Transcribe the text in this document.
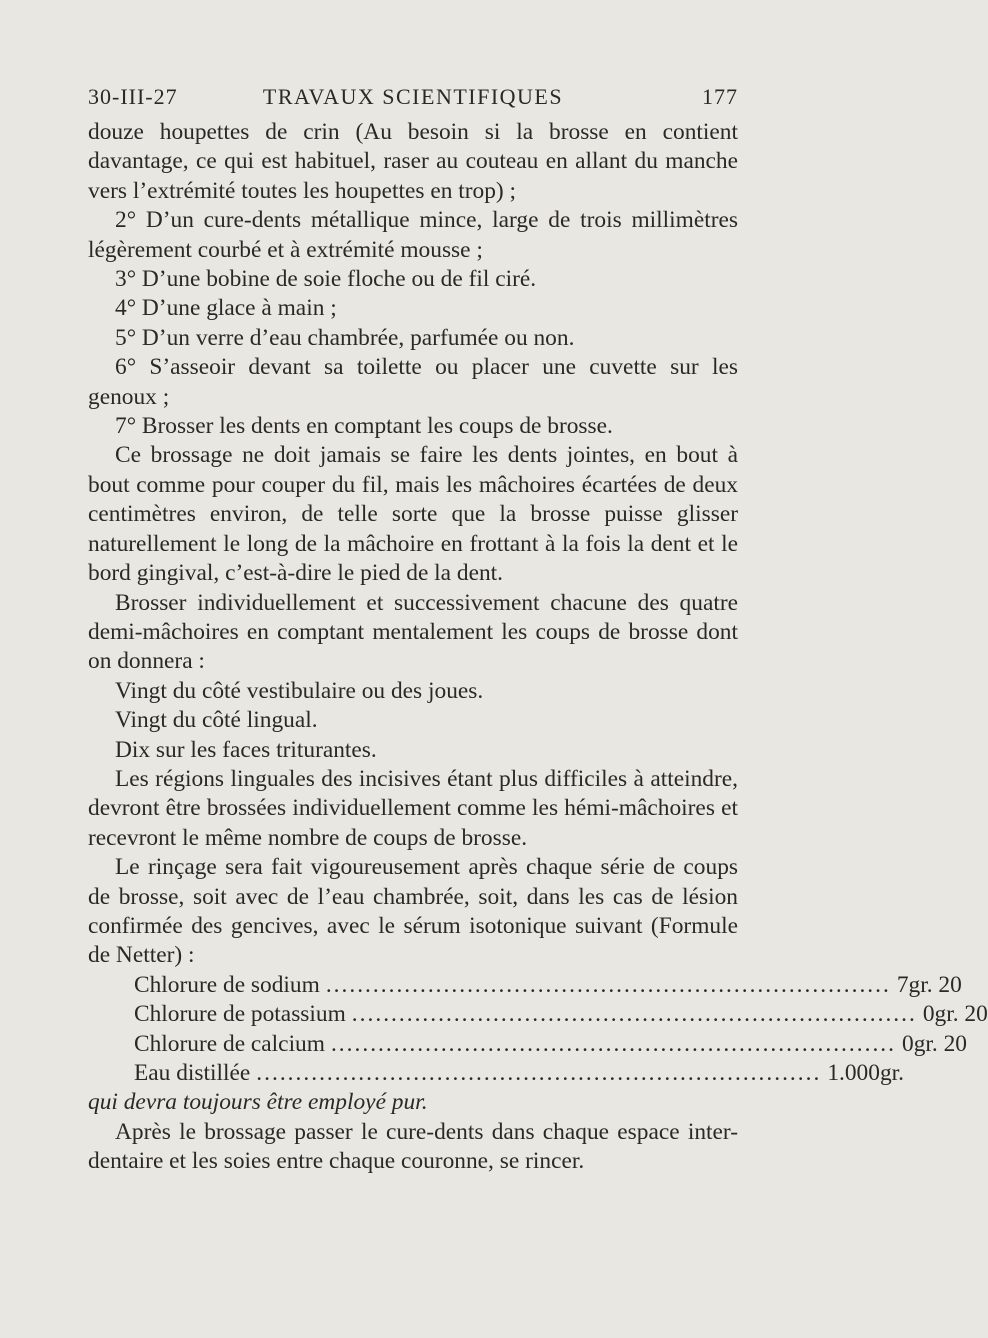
30-III-27	TRAVAUX SCIENTIFIQUES	177

douze houpettes de crin (Au besoin si la brosse en contient davantage, ce qui est habituel, raser au couteau en allant du manche vers l’extrémité toutes les houpettes en trop) ;

2° D’un cure-dents métallique mince, large de trois millimètres légèrement courbé et à extrémité mousse ;

3° D’une bobine de soie floche ou de fil ciré.

4° D’une glace à main ;

5° D’un verre d’eau chambrée, parfumée ou non.

6° S’asseoir devant sa toilette ou placer une cuvette sur les genoux ;

7° Brosser les dents en comptant les coups de brosse.

Ce brossage ne doit jamais se faire les dents jointes, en bout à bout comme pour couper du fil, mais les mâchoires écartées de deux centimètres environ, de telle sorte que la brosse puisse glisser naturellement le long de la mâchoire en frottant à la fois la dent et le bord gingival, c’est-à-dire le pied de la dent.

Brosser individuellement et successivement chacune des quatre demi-mâchoires en comptant mentalement les coups de brosse dont on donnera :

Vingt du côté vestibulaire ou des joues.

Vingt du côté lingual.

Dix sur les faces triturantes.

Les régions linguales des incisives étant plus difficiles à atteindre, devront être brossées individuellement comme les hémi-mâchoires et recevront le même nombre de coups de brosse.

Le rinçage sera fait vigoureusement après chaque série de coups de brosse, soit avec de l’eau chambrée, soit, dans les cas de lésion confirmée des gencives, avec le sérum isotonique suivant (Formule de Netter) :

Chlorure de sodium ........................................................................ 7 gr. 20
Chlorure de potassium ........................................................................ 0 gr. 20
Chlorure de calcium ........................................................................ 0 gr. 20
Eau distillée ........................................................................ 1.000 gr.

qui devra toujours être employé pur.

Après le brossage passer le cure-dents dans chaque espace inter-dentaire et les soies entre chaque couronne, se rincer.
